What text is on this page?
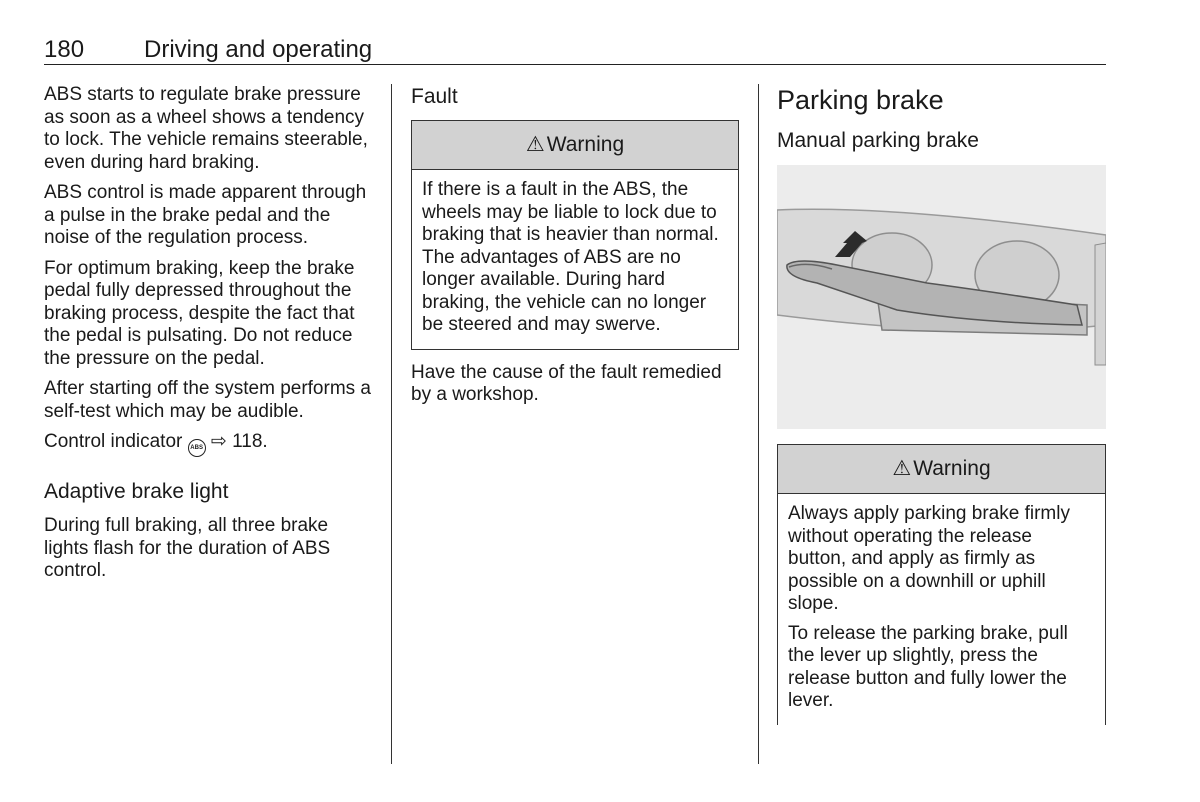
180 Driving and operating

ABS starts to regulate brake pressure as soon as a wheel shows a tendency to lock. The vehicle remains steerable, even during hard braking.

ABS control is made apparent through a pulse in the brake pedal and the noise of the regulation process.

For optimum braking, keep the brake pedal fully depressed throughout the braking process, despite the fact that the pedal is pulsating. Do not reduce the pressure on the pedal.

After starting off the system performs a self-test which may be audible.

Control indicator ABS ⇨ 118.

Adaptive brake light

During full braking, all three brake lights flash for the duration of ABS control.

Fault
⚠ Warning

If there is a fault in the ABS, the wheels may be liable to lock due to braking that is heavier than normal. The advantages of ABS are no longer available. During hard braking, the vehicle can no longer be steered and may swerve.

Have the cause of the fault remedied by a workshop.

Parking brake
Manual parking brake
⚠ Warning

Always apply parking brake firmly without operating the release button, and apply as firmly as possible on a downhill or uphill slope.

To release the parking brake, pull the lever up slightly, press the release button and fully lower the lever.
